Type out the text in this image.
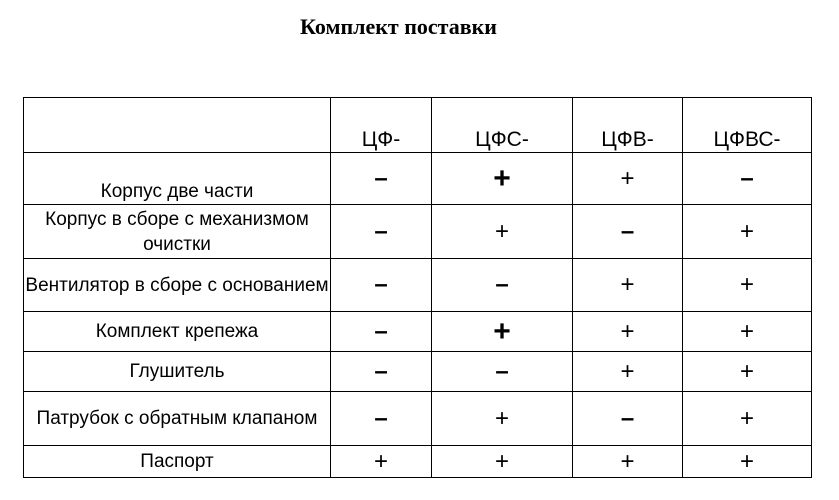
Комплект поставки
	ЦФ-	ЦФС-	ЦФВ-	ЦФВС-
Корпус две части	–	+	+	–
Корпус в сборе с механизмом очистки	–	+	–	+
Вентилятор в сборе с основанием	–	–	+	+
Комплект крепежа	–	+	+	+
Глушитель	–	–	+	+
Патрубок с обратным клапаном	–	+	–	+
Паспорт	+	+	+	+
